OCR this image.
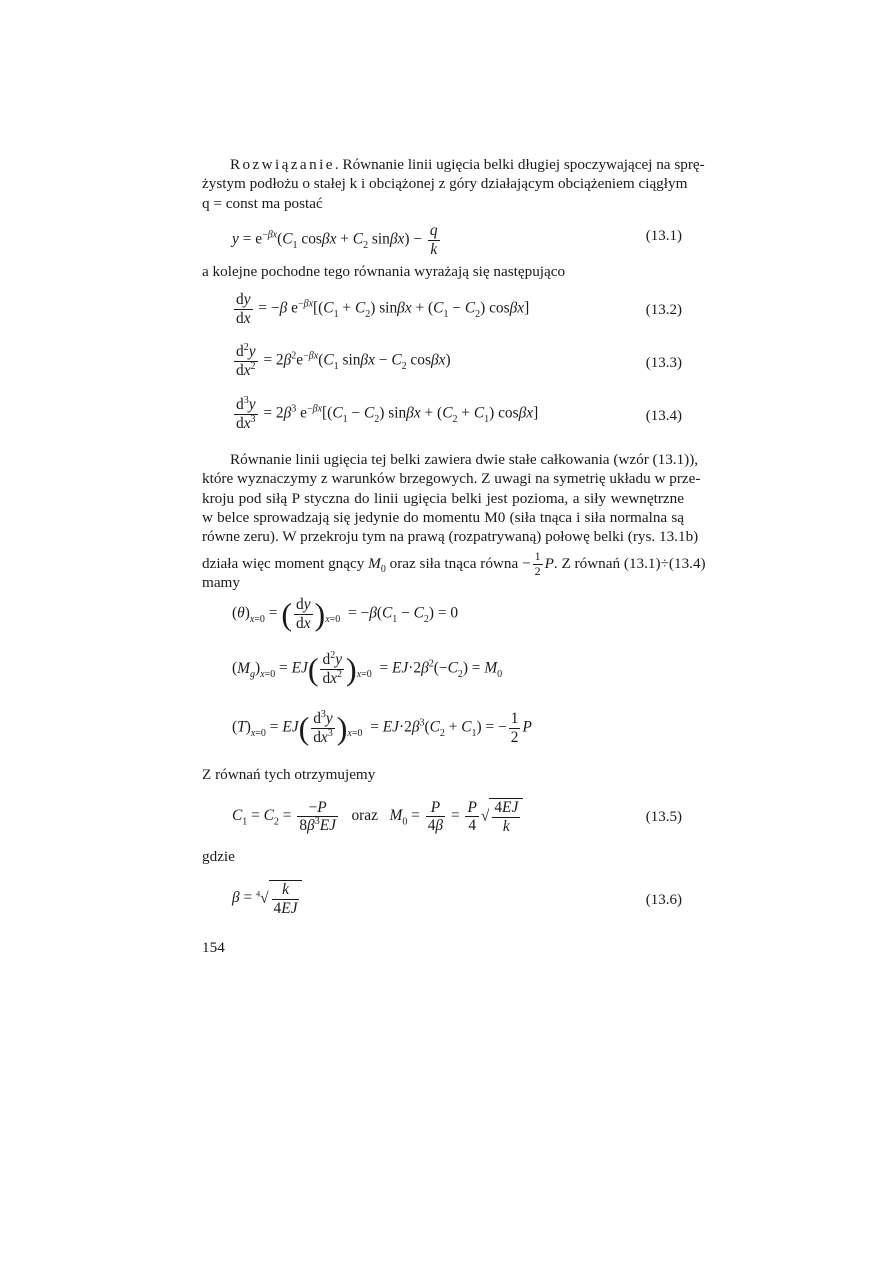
Rozwiązanie. Równanie linii ugięcia belki długiej spoczywającej na sprę-
żystym podłożu o stałej k i obciążonej z góry działającym obciążeniem ciągłym
q = const ma postać
$y = e^{-\beta x}(C_1$ $\cos\beta x + C_2$ $\sin\beta x) - \frac{q}{k}$	(13.1)
a kolejne pochodne tego równania wyrażają się następująco
$\frac{dy}{dx} = -\beta$ $e^{-\beta x}[(C_1 + C_2) \sin\beta x + (C_1 - C_2)$ cosβx]	(13.2)
$\frac{d^2y}{dx^2} = 2\beta^2e^{-\beta x}(C_1$ $\sin\beta x - C_2$ cosβx)	(13.3)
$\frac{d^3y}{dx^3} = 2\beta^3$ $e^{-\beta x}[(C_1 - C_2) \sin\beta x + (C_2 + C_1)$ cosβx]	(13.4)
Równanie linii ugięcia tej belki zawiera dwie stałe całkowania (wzór (13.1)),
które wyznaczymy z warunków brzegowych. Z uwagi na symetrię układu w prze-
kroju pod siłą P styczna do linii ugięcia belki jest pozioma, a siły wewnętrzne
w belce sprowadzają się jedynie do momentu M0 (siła tnąca i siła normalna są
równe zeru). W przekroju tym na prawą (rozpatrywaną) połowę belki (rys. 13.1b)
działa więc moment gnący $M_0$ oraz siła tnąca równa − $\frac{1}{2} P$. Z równań (13.1)÷(13.4)
mamy
$(\theta)_{x=0}$ = ( $\frac{dy}{dx} )_{x=0} = -\beta(C_1 - C_2) = 0$
$(M_g)_{x=0} = EJ( \frac{d^2y}{dx^2} )_{x=0} = EJ\cdot 2\beta^2(-C_2) = M_0$
$(T)_{x=0} = EJ( \frac{d^3y}{dx^3} )_{x=0} = EJ\cdot 2\beta^3(C_2 + C_1)$ = − $\frac{1}{2}$ P
Z równań tych otrzymujemy
$C_1 = C_2 = \frac{-P}{8\beta^3EJ}$ oraz $M_0 = \frac{P}{4\beta} = \frac{P}{4}$ √ $\frac{4EJ}{k}$	(13.5)
gdzie
$\beta = ^4√ \frac{k}{4EJ}$	(13.6)
154
